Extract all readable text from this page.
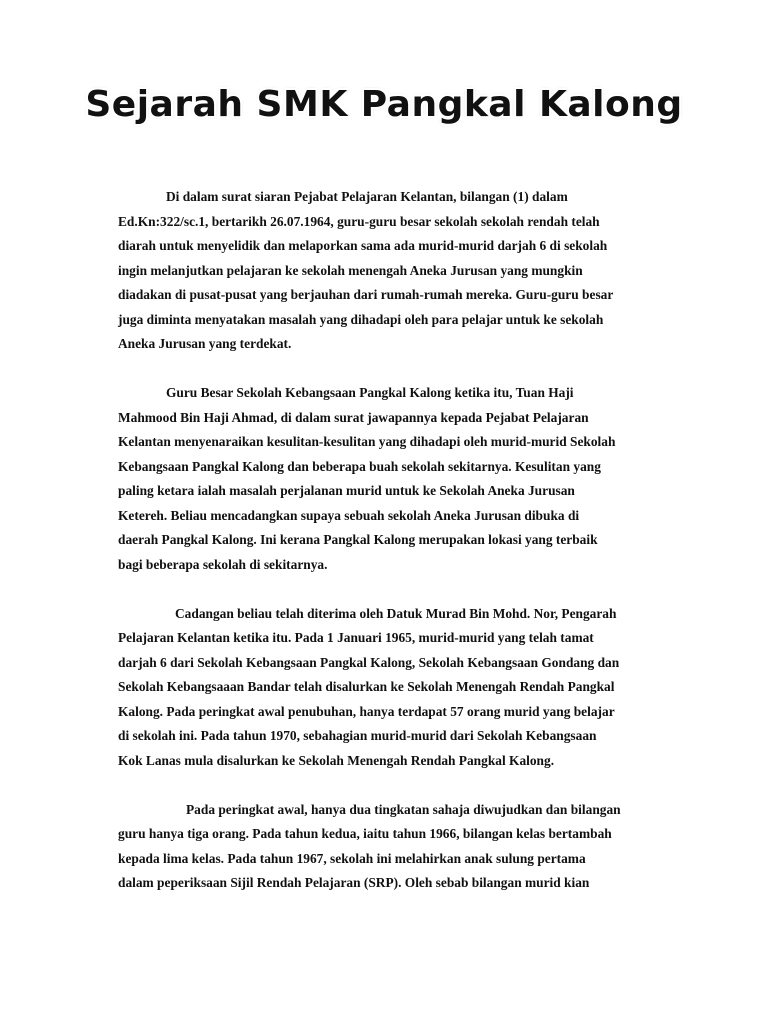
Sejarah SMK Pangkal Kalong

Di dalam surat siaran Pejabat Pelajaran Kelantan, bilangan (1) dalam
Ed.Kn:322/sc.1, bertarikh 26.07.1964, guru-guru besar sekolah sekolah rendah telah
diarah untuk menyelidik dan melaporkan sama ada murid-murid darjah 6 di sekolah
ingin melanjutkan pelajaran ke sekolah menengah Aneka Jurusan yang mungkin
diadakan di pusat-pusat yang berjauhan dari rumah-rumah mereka. Guru-guru besar
juga diminta menyatakan masalah yang dihadapi oleh para pelajar untuk ke sekolah
Aneka Jurusan yang terdekat.

Guru Besar Sekolah Kebangsaan Pangkal Kalong ketika itu, Tuan Haji
Mahmood Bin Haji Ahmad, di dalam surat jawapannya kepada Pejabat Pelajaran
Kelantan menyenaraikan kesulitan-kesulitan yang dihadapi oleh murid-murid Sekolah
Kebangsaan Pangkal Kalong dan beberapa buah sekolah sekitarnya. Kesulitan yang
paling ketara ialah masalah perjalanan murid untuk ke Sekolah Aneka Jurusan
Ketereh. Beliau mencadangkan supaya sebuah sekolah Aneka Jurusan dibuka di
daerah Pangkal Kalong. Ini kerana Pangkal Kalong merupakan lokasi yang terbaik
bagi beberapa sekolah di sekitarnya.

Cadangan beliau telah diterima oleh Datuk Murad Bin Mohd. Nor, Pengarah
Pelajaran Kelantan ketika itu. Pada 1 Januari 1965, murid-murid yang telah tamat
darjah 6 dari Sekolah Kebangsaan Pangkal Kalong, Sekolah Kebangsaan Gondang dan
Sekolah Kebangsaaan Bandar telah disalurkan ke Sekolah Menengah Rendah Pangkal
Kalong. Pada peringkat awal penubuhan, hanya terdapat 57 orang murid yang belajar
di sekolah ini. Pada tahun 1970, sebahagian murid-murid dari Sekolah Kebangsaan
Kok Lanas mula disalurkan ke Sekolah Menengah Rendah Pangkal Kalong.

Pada peringkat awal, hanya dua tingkatan sahaja diwujudkan dan bilangan
guru hanya tiga orang. Pada tahun kedua, iaitu tahun 1966, bilangan kelas bertambah
kepada lima kelas. Pada tahun 1967, sekolah ini melahirkan anak sulung pertama
dalam peperiksaan Sijil Rendah Pelajaran (SRP). Oleh sebab bilangan murid kian
